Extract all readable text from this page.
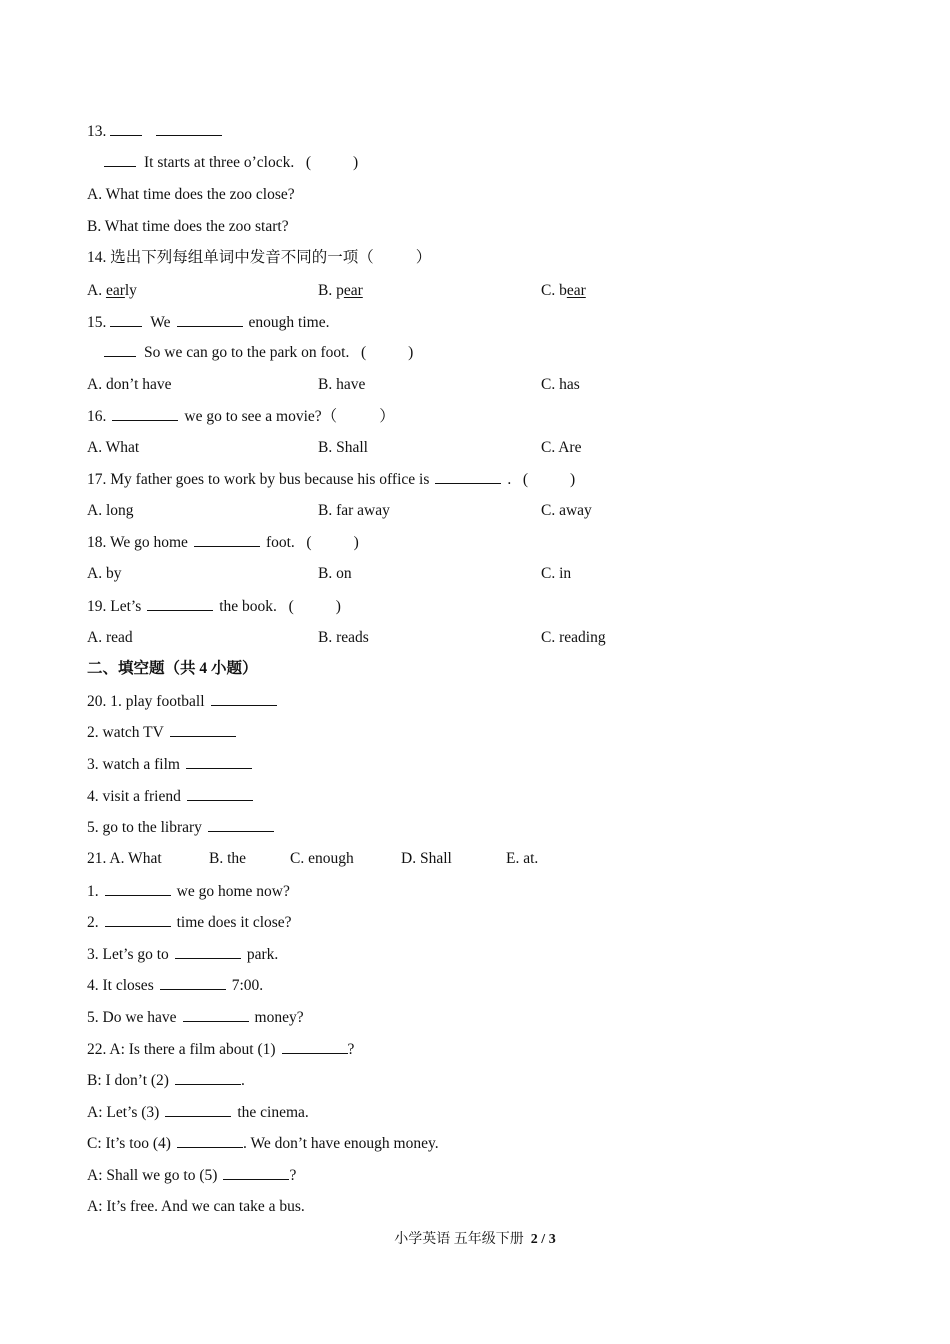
13.
It starts at three o’clock. (	)
A. What time does the zoo close?
B. What time does the zoo start?
14. 选出下列每组单词中发音不同的一项（	）
A. early	B. pear	C. bear
15.	We	enough time.
So we can go to the park on foot. (	)
A. don’t have	B. have	C. has
16.	we go to see a movie?（	）
A. What	B. Shall	C. Are
17. My father goes to work by bus because his office is	. (	)
A. long	B. far away	C. away
18. We go home	foot. (	)
A. by	B. on	C. in
19. Let’s	the book. (	)
A. read	B. reads	C. reading
二、填空题（共 4 小题）
20. 1. play football
2. watch TV
3. watch a film
4. visit a friend
5. go to the library
21. A. What	B. the	C. enough	D. Shall	E. at.
1.	we go home now?
2.	time does it close?
3. Let’s go to	park.
4. It closes	7:00.
5. Do we have	money?
22. A: Is there a film about (1)	?
B: I don’t (2)	.
A: Let’s (3)	the cinema.
C: It’s too (4)	. We don’t have enough money.
A: Shall we go to (5)	?
A: It’s free. And we can take a bus.
小学英语 五年级下册 2 / 3
